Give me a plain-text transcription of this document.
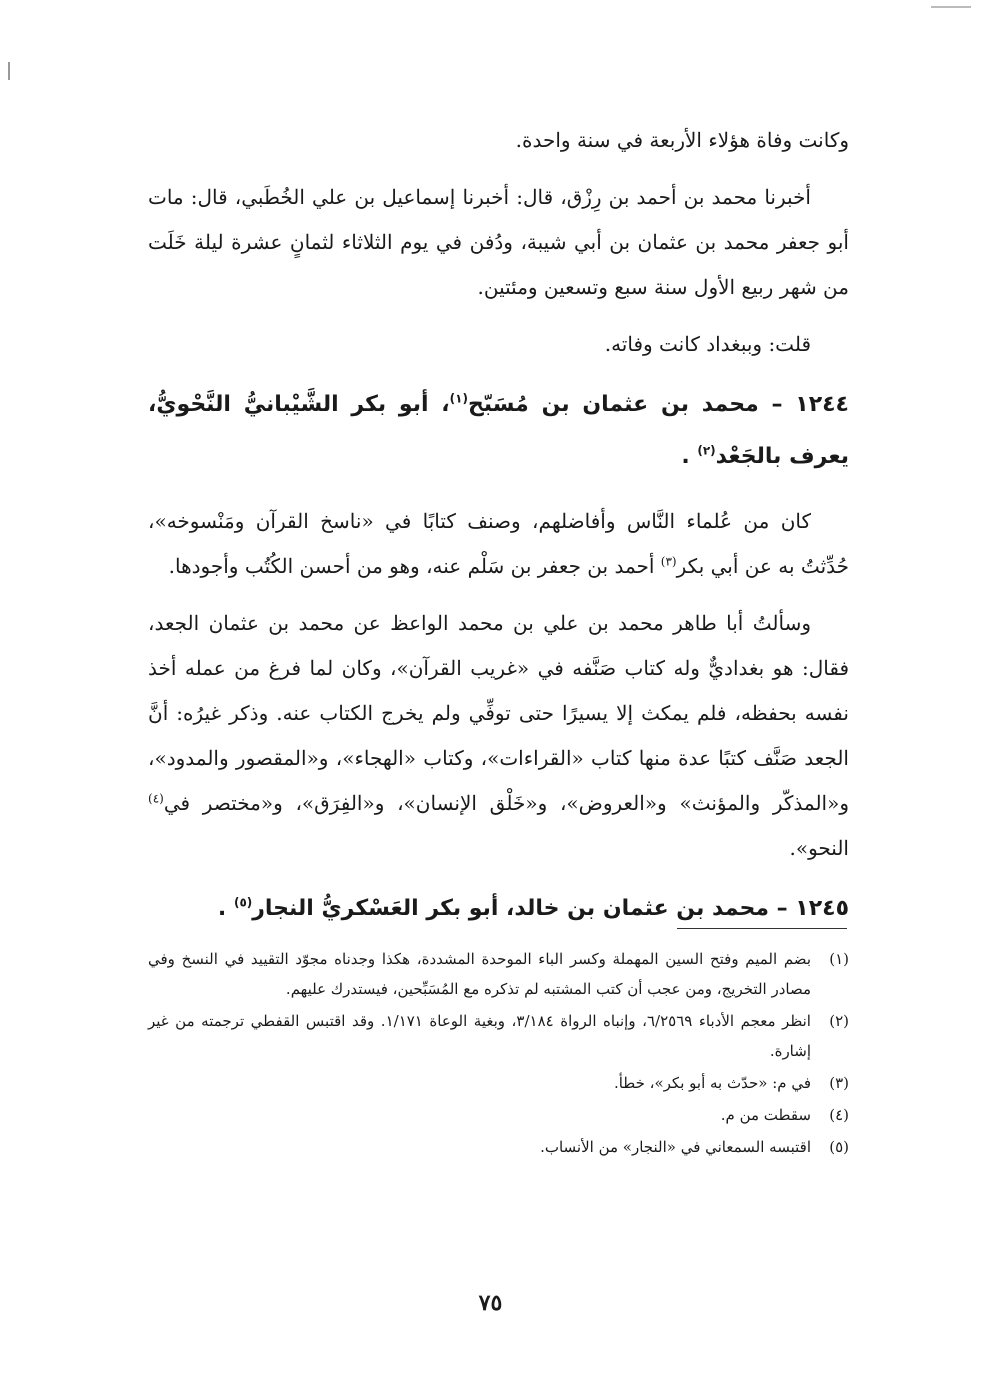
وكانت وفاة هؤلاء الأربعة في سنة واحدة.

أخبرنا محمد بن أحمد بن رِزْق، قال: أخبرنا إسماعيل بن علي الخُطَبي، قال: مات أبو جعفر محمد بن عثمان بن أبي شيبة، ودُفن في يوم الثلاثاء لثمانٍ عشرة ليلة خَلَت من شهر ربيع الأول سنة سبع وتسعين ومئتين.

قلت: وببغداد كانت وفاته.

١٢٤٤ – محمد بن عثمان بن مُسَبّح$^{(١)}$، أبو بكر الشَّيْبانيُّ النَّحْويُّ، يعرف بالجَعْد$^{(٢)}$ .

كان من عُلماء النَّاس وأفاضلهم، وصنف كتابًا في «ناسخ القرآن ومَنْسوخه»، حُدِّثتُ به عن أبي بكر$^{(٣)}$ أحمد بن جعفر بن سَلْم عنه، وهو من أحسن الكُتُب وأجودها.

وسألتُ أبا طاهر محمد بن علي بن محمد الواعظ عن محمد بن عثمان الجعد، فقال: هو بغداديٌّ وله كتاب صَنَّفه في «غريب القرآن»، وكان لما فرغ من عمله أخذ نفسه بحفظه، فلم يمكث إلا يسيرًا حتى توفِّي ولم يخرج الكتاب عنه. وذكر غيرُه: أنَّ الجعد صَنَّف كتبًا عدة منها كتاب «القراءات»، وكتاب «الهجاء»، و«المقصور والمدود»، و«المذكّر والمؤنث» و«العروض»، و«خَلْق الإنسان»، و«الفِرَق»، و«مختصر في$^{(٤)}$ النحو».

١٢٤٥ – محمد بن عثمان بن خالد، أبو بكر العَسْكريُّ النجار$^{(٥)}$ .
(١)
بضم الميم وفتح السين المهملة وكسر الباء الموحدة المشددة، هكذا وجدناه مجوّد التقييد في النسخ وفي مصادر التخريج، ومن عجب أن كتب المشتبه لم تذكره مع المُسَبِّحين، فيستدرك عليهم.
(٢)
انظر معجم الأدباء ٦/٢٥٦٩، وإنباه الرواة ٣/١٨٤، وبغية الوعاة ١/١٧١. وقد اقتبس القفطي ترجمته من غير إشارة.
(٣)
في م: «حدّث به أبو بكر»، خطأ.
(٤)
سقطت من م.
(٥)
اقتبسه السمعاني في «النجار» من الأنساب.
٧٥
